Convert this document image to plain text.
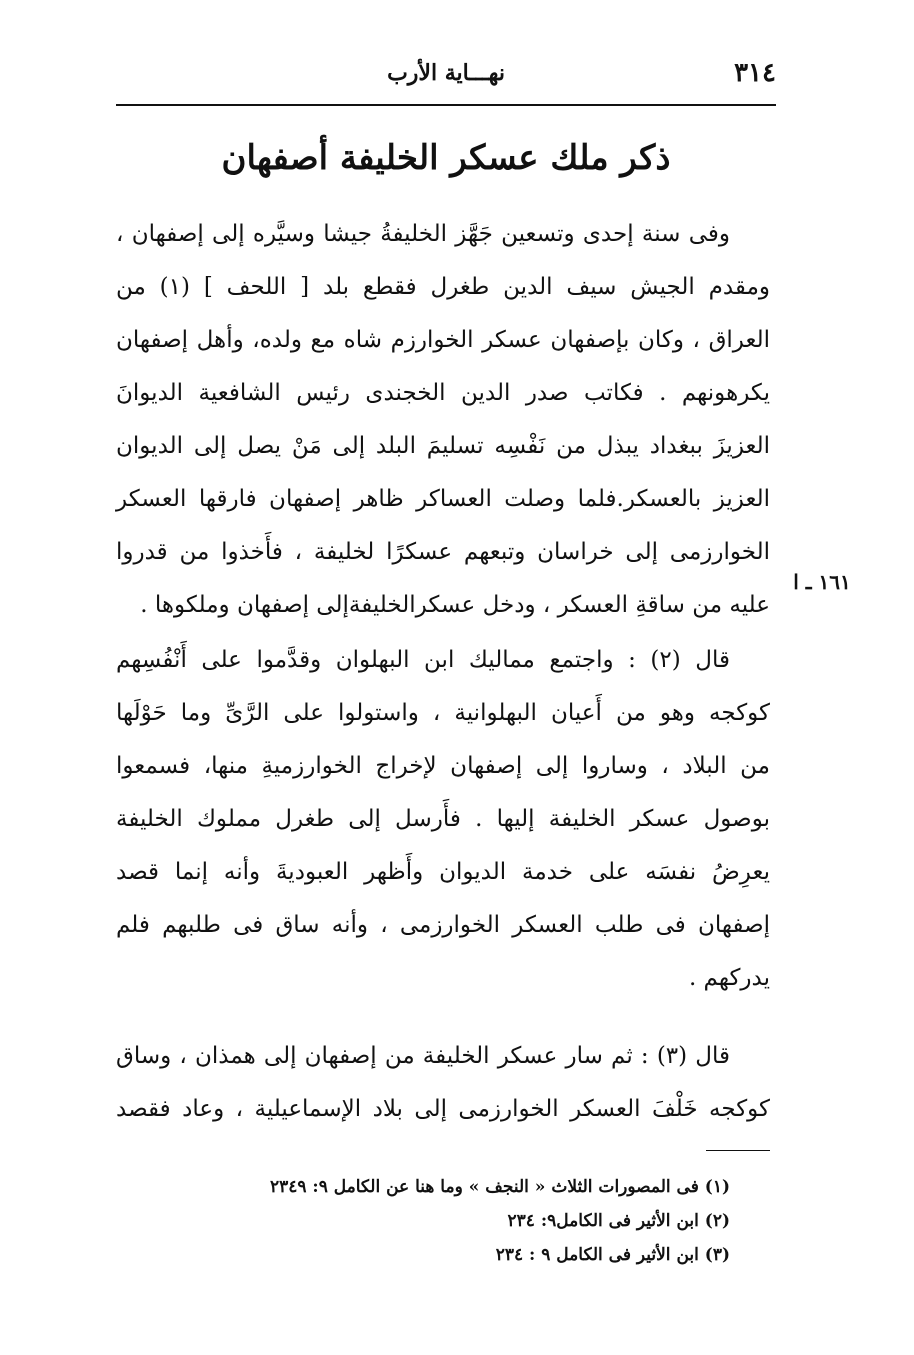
٣١٤
نهـــاية الأرب
ذكر ملك عسكر الخليفة أصفهان
وفى سنة إحدى وتسعين جَهَّز الخليفةُ جيشا وسيَّره إلى إصفهان ،
ومقدم الجيش سيف الدين طغرل فقطع بلد [ اللحف ] (١) من
العراق ، وكان بإصفهان عسكر الخوارزم شاه مع ولده، وأهل إصفهان
يكرهونهم . فكاتب صدر الدين الخجندى رئيس الشافعية الديوانَ
العزيزَ ببغداد يبذل من نَفْسِه تسليمَ البلد إلى مَنْ يصل إلى الديوان
العزيز بالعسكر.فلما وصلت العساكر ظاهر إصفهان فارقها العسكر
الخوارزمى إلى خراسان وتبعهم عسكرًا لخليفة ، فأَخذوا من قدروا
عليه من ساقةِ العسكر ، ودخل عسكرالخليفةإلى إصفهان وملكوها .
١٦١ ـ ا
قال (٢) : واجتمع مماليك ابن البهلوان وقدَّموا على أَنْفُسِهم
كوكجه وهو من أَعيان البهلوانية ، واستولوا على الرَّىِّ وما حَوْلَها
من البلاد ، وساروا إلى إصفهان لإخراج الخوارزميةِ منها، فسمعوا
بوصول عسكر الخليفة إليها . فأَرسل إلى طغرل مملوك الخليفة
يعرِضُ نفسَه على خدمة الديوان وأَظهر العبوديةَ وأنه إنما قصد
إصفهان فى طلب العسكر الخوارزمى ، وأنه ساق فى طلبهم فلم
يدركهم .
قال (٣) : ثم سار عسكر الخليفة من إصفهان إلى همذان ، وساق
كوكجه خَلْفَ العسكر الخوارزمى إلى بلاد الإسماعيلية ، وعاد فقصد
(١) فى المصورات الثلاث « النجف » وما هنا عن الكامل ٩: ٢٣٤٩
(٢) ابن الأثير فى الكامل٩: ٢٣٤
(٣) ابن الأثير فى الكامل ٩ : ٢٣٤
